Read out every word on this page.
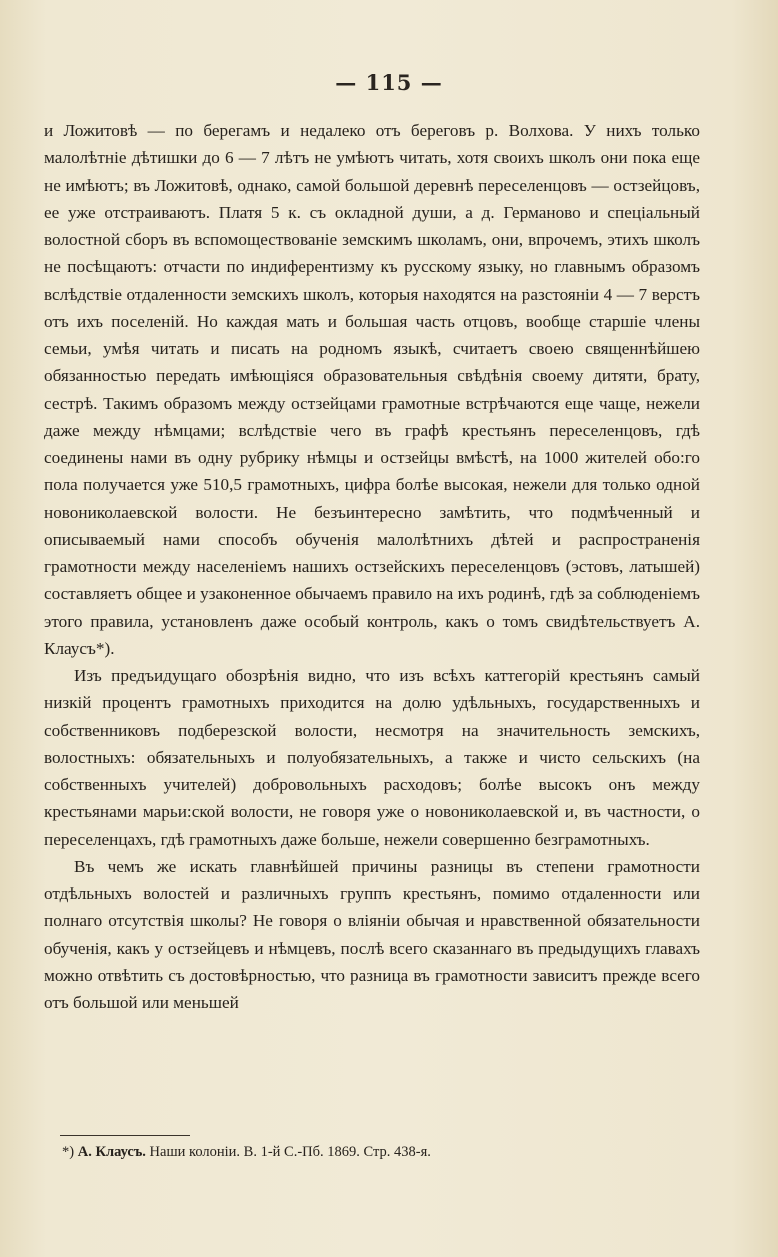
— 115 —

и Ложитовѣ — по берегамъ и недалеко отъ береговъ р. Волхова. У нихъ только малолѣтніе дѣтишки до 6 — 7 лѣтъ не умѣютъ читать, хотя своихъ школъ они пока еще не имѣютъ; въ Ложитовѣ, однако, самой большой деревнѣ переселенцовъ — остзейцовъ, ее уже отстраиваютъ. Платя 5 к. съ окладной души, а д. Германово и спеціальный волостной сборъ въ вспомоществованіе земскимъ школамъ, они, впрочемъ, этихъ школъ не посѣщаютъ: отчасти по индиферентизму къ русскому языку, но главнымъ образомъ вслѣдствіе отдаленности земскихъ школъ, которыя находятся на разстояніи 4 — 7 верстъ отъ ихъ поселеній. Но каждая мать и большая часть отцовъ, вообще старшіе члены семьи, умѣя читать и писать на родномъ языкѣ, считаетъ своею священнѣйшею обязанностью передать имѣющіяся образовательныя свѣдѣнія своему дитяти, брату, сестрѣ. Такимъ образомъ между остзейцами грамотные встрѣчаются еще чаще, нежели даже между нѣмцами; вслѣдствіе чего въ графѣ крестьянъ переселенцовъ, гдѣ соединены нами въ одну рубрику нѣмцы и остзейцы вмѣстѣ, на 1000 жителей обо:го пола получается уже 510,5 грамотныхъ, цифра болѣе высокая, нежели для только одной новониколаевской волости. Не безъинтересно замѣтить, что подмѣченный и описываемый нами способъ обученія малолѣтнихъ дѣтей и распространенія грамотности между населеніемъ нашихъ остзейскихъ переселенцовъ (эстовъ, латышей) составляетъ общее и узаконенное обычаемъ правило на ихъ родинѣ, гдѣ за соблюденіемъ этого правила, установленъ даже особый контроль, какъ о томъ свидѣтельствуетъ А. Клаусъ*).

Изъ предъидущаго обозрѣнія видно, что изъ всѣхъ каттегорій крестьянъ самый низкій процентъ грамотныхъ приходится на долю удѣльныхъ, государственныхъ и собственниковъ подберезской волости, несмотря на значительность земскихъ, волостныхъ: обязательныхъ и полуобязательныхъ, а также и чисто сельскихъ (на собственныхъ учителей) добровольныхъ расходовъ; болѣе высокъ онъ между крестьянами марьи:ской волости, не говоря уже о новониколаевской и, въ частности, о переселенцахъ, гдѣ грамотныхъ даже больше, нежели совершенно безграмотныхъ.

Въ чемъ же искать главнѣйшей причины разницы въ степени грамотности отдѣльныхъ волостей и различныхъ группъ крестьянъ, помимо отдаленности или полнаго отсутствія школы? Не говоря о вліяніи обычая и нравственной обязательности обученія, какъ у остзейцевъ и нѣмцевъ, послѣ всего сказаннаго въ предыдущихъ главахъ можно отвѣтить съ достовѣрностью, что разница въ грамотности зависитъ прежде всего отъ большой или меньшей

*) А. Клаусъ. Наши колоніи. В. 1-й С.-Пб. 1869. Стр. 438-я.
